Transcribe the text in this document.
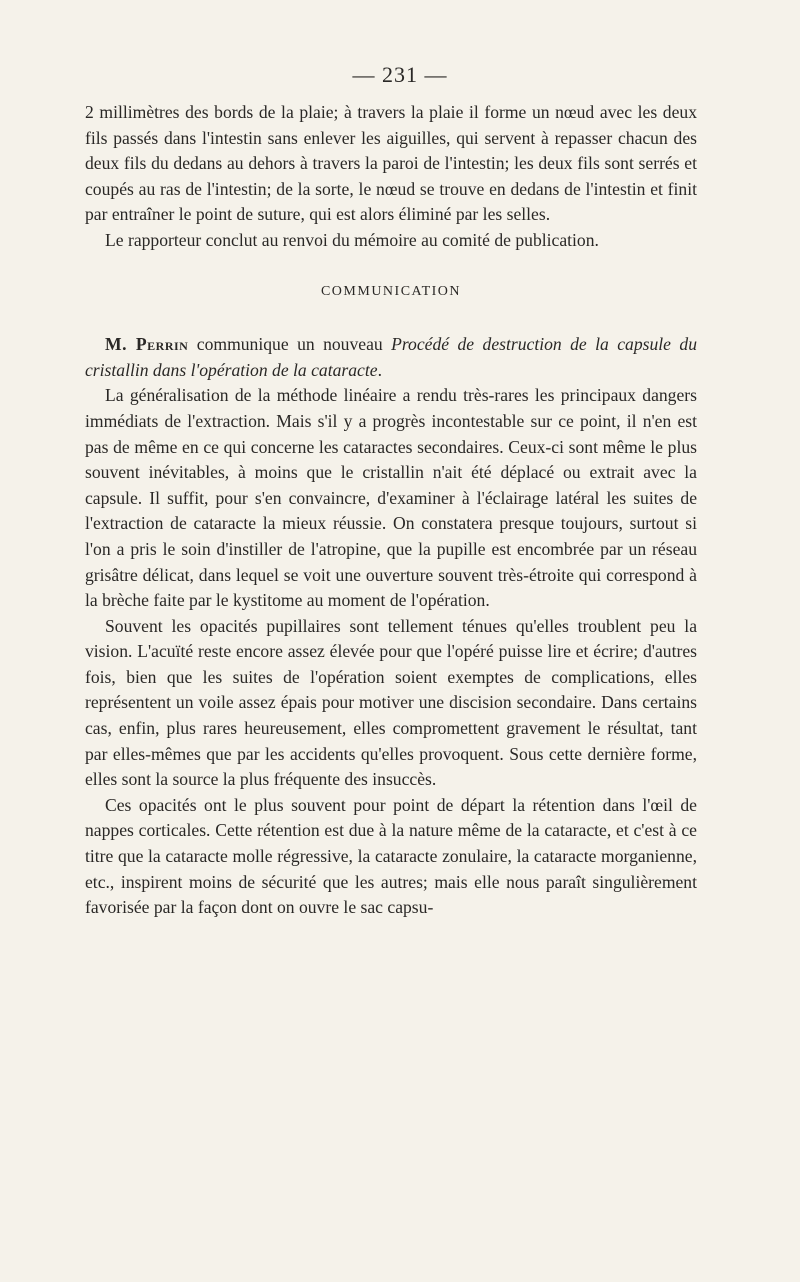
— 231 —

2 millimètres des bords de la plaie; à travers la plaie il forme un nœud avec les deux fils passés dans l'intestin sans enlever les aiguilles, qui servent à repasser chacun des deux fils du dedans au dehors à travers la paroi de l'intestin; les deux fils sont serrés et coupés au ras de l'intestin; de la sorte, le nœud se trouve en dedans de l'intestin et finit par entraîner le point de suture, qui est alors éliminé par les selles.

Le rapporteur conclut au renvoi du mémoire au comité de publication.

COMMUNICATION

M. Perrin communique un nouveau Procédé de destruction de la capsule du cristallin dans l'opération de la cataracte.

La généralisation de la méthode linéaire a rendu très-rares les principaux dangers immédiats de l'extraction. Mais s'il y a progrès incontestable sur ce point, il n'en est pas de même en ce qui concerne les cataractes secondaires. Ceux-ci sont même le plus souvent inévitables, à moins que le cristallin n'ait été déplacé ou extrait avec la capsule. Il suffit, pour s'en convaincre, d'examiner à l'éclairage latéral les suites de l'extraction de cataracte la mieux réussie. On constatera presque toujours, surtout si l'on a pris le soin d'instiller de l'atropine, que la pupille est encombrée par un réseau grisâtre délicat, dans lequel se voit une ouverture souvent très-étroite qui correspond à la brèche faite par le kystitome au moment de l'opération.

Souvent les opacités pupillaires sont tellement ténues qu'elles troublent peu la vision. L'acuïté reste encore assez élevée pour que l'opéré puisse lire et écrire; d'autres fois, bien que les suites de l'opération soient exemptes de complications, elles représentent un voile assez épais pour motiver une discision secondaire. Dans certains cas, enfin, plus rares heureusement, elles compromettent gravement le résultat, tant par elles-mêmes que par les accidents qu'elles provoquent. Sous cette dernière forme, elles sont la source la plus fréquente des insuccès.

Ces opacités ont le plus souvent pour point de départ la rétention dans l'œil de nappes corticales. Cette rétention est due à la nature même de la cataracte, et c'est à ce titre que la cataracte molle régressive, la cataracte zonulaire, la cataracte morganienne, etc., inspirent moins de sécurité que les autres; mais elle nous paraît singulièrement favorisée par la façon dont on ouvre le sac capsu-
